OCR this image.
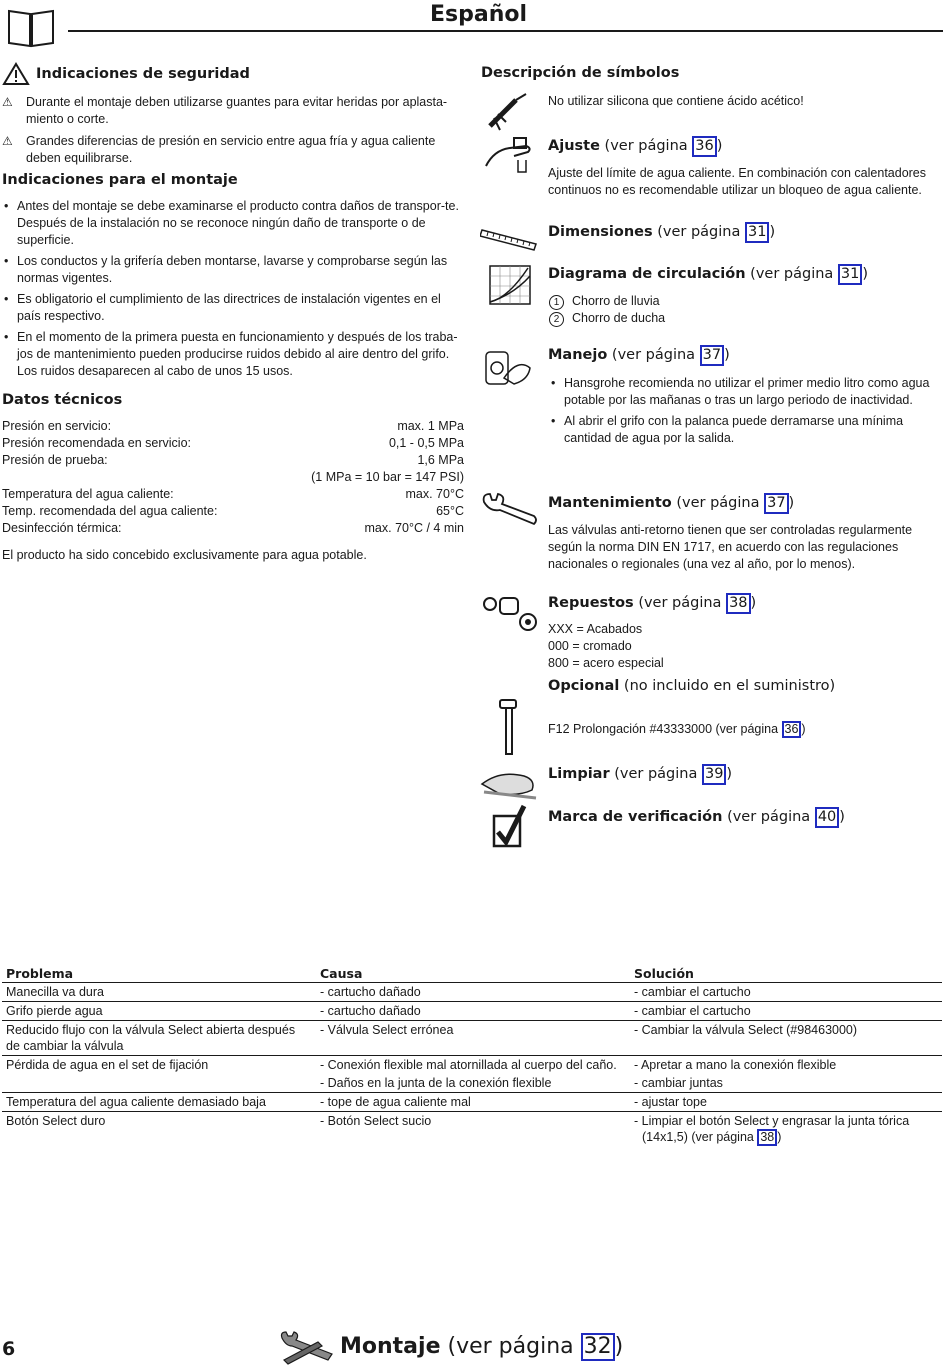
Español
Indicaciones de seguridad
⚠	Durante el montaje deben utilizarse guantes para evitar heridas por aplasta-
miento o corte.
⚠	Grandes diferencias de presión en servicio entre agua fría y agua caliente
deben equilibrarse.
Indicaciones para el montaje
• Antes del montaje se debe examinarse el producto contra daños de transpor-te. Después de la instalación no se reconoce ningún daño de transporte o de superficie.
• Los conductos y la grifería deben montarse, lavarse y comprobarse según las normas vigentes.
• Es obligatorio el cumplimiento de las directrices de instalación vigentes en el país respectivo.
• En el momento de la primera puesta en funcionamiento y después de los traba-jos de mantenimiento pueden producirse ruidos debido al aire dentro del grifo. Los ruidos desaparecen al cabo de unos 15 usos.
Datos técnicos
Presión en servicio:	max. 1 MPa
Presión recomendada en servicio:	0,1 - 0,5 MPa
Presión de prueba:	1,6 MPa
(1 MPa = 10 bar = 147 PSI)
Temperatura del agua caliente:	max. 70°C
Temp. recomendada del agua caliente:	65°C
Desinfección térmica:	max. 70°C / 4 min
El producto ha sido concebido exclusivamente para agua potable.
Descripción de símbolos
No utilizar silicona que contiene ácido acético!
Ajuste (ver página 36 )
Ajuste del límite de agua caliente. En combinación con calentadores continuos no es recomendable utilizar un bloqueo de agua caliente.
Dimensiones (ver página 31 )
Diagrama de circulación (ver página 31 )
1 Chorro de lluvia
2 Chorro de ducha
Manejo (ver página 37 )
• Hansgrohe recomienda no utilizar el primer medio litro como agua potable por las mañanas o tras un largo periodo de inactividad.
• Al abrir el grifo con la palanca puede derramarse una mínima cantidad de agua por la salida.
Mantenimiento (ver página 37 )
Las válvulas anti-retorno tienen que ser controladas regularmente según la norma DIN EN 1717, en acuerdo con las regulaciones nacionales o regionales (una vez al año, por lo menos).
Repuestos (ver página 38 )
XXX = Acabados
000 = cromado
800 = acero especial
Opcional (no incluido en el suministro)
F12 Prolongación #43333000 (ver página 36 )
Limpiar (ver página 39 )
Marca de verificación (ver página 40 )
Problema	Causa	Solución
Manecilla va dura	- cartucho dañado	- cambiar el cartucho
Grifo pierde agua	- cartucho dañado	- cambiar el cartucho
Reducido flujo con la válvula Select abierta después de cambiar la válvula	- Válvula Select errónea	- Cambiar la válvula Select (#98463000)
Pérdida de agua en el set de fijación	- Conexión flexible mal atornillada al cuerpo del caño.	- Apretar a mano la conexión flexible
	- Daños en la junta de la conexión flexible	- cambiar juntas
Temperatura del agua caliente demasiado baja	- tope de agua caliente mal	- ajustar tope
Botón Select duro	- Botón Select sucio	- Limpiar el botón Select y engrasar la junta tórica
(14x1,5) (ver página 38 )
6	Montaje (ver página 32 )
